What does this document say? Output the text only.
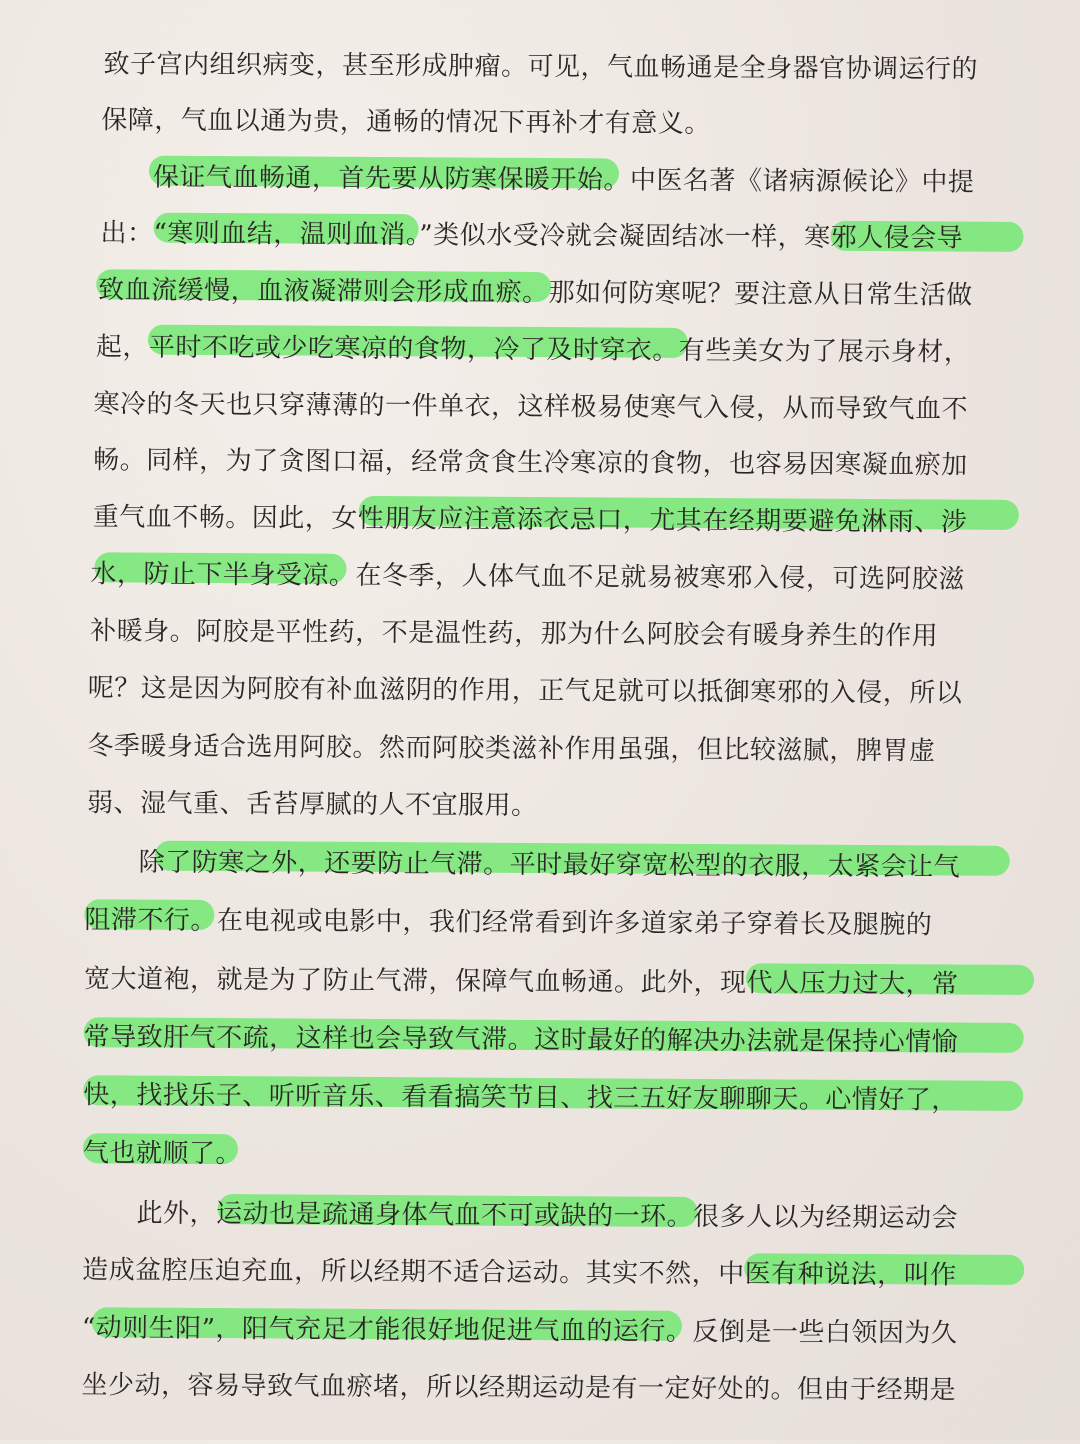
致子宫内组织病变，甚至形成肿瘤。可见，气血畅通是全身器官协调运行的
保障，气血以通为贵，通畅的情况下再补才有意义。
保证气血畅通，首先要从防寒保暖开始。中医名著《诸病源候论》中提
出：“寒则血结，温则血消。”类似水受冷就会凝固结冰一样，寒邪人侵会导
致血流缓慢，血液凝滞则会形成血瘀。那如何防寒呢？要注意从日常生活做
起，平时不吃或少吃寒凉的食物，冷了及时穿衣。有些美女为了展示身材，
寒冷的冬天也只穿薄薄的一件单衣，这样极易使寒气入侵，从而导致气血不
畅。同样，为了贪图口福，经常贪食生冷寒凉的食物，也容易因寒凝血瘀加
重气血不畅。因此，女性朋友应注意添衣忌口，尤其在经期要避免淋雨、涉
水，防止下半身受凉。在冬季，人体气血不足就易被寒邪入侵，可选阿胶滋
补暖身。阿胶是平性药，不是温性药，那为什么阿胶会有暖身养生的作用
呢？这是因为阿胶有补血滋阴的作用，正气足就可以抵御寒邪的入侵，所以
冬季暖身适合选用阿胶。然而阿胶类滋补作用虽强，但比较滋腻，脾胃虚
弱、湿气重、舌苔厚腻的人不宜服用。
除了防寒之外，还要防止气滞。平时最好穿宽松型的衣服，太紧会让气
阻滞不行。在电视或电影中，我们经常看到许多道家弟子穿着长及腿腕的
宽大道袍，就是为了防止气滞，保障气血畅通。此外，现代人压力过大，常
常导致肝气不疏，这样也会导致气滞。这时最好的解决办法就是保持心情愉
快，找找乐子、听听音乐、看看搞笑节目、找三五好友聊聊天。心情好了，
气也就顺了。
此外，运动也是疏通身体气血不可或缺的一环。很多人以为经期运动会
造成盆腔压迫充血，所以经期不适合运动。其实不然，中医有种说法，叫作
“动则生阳”，阳气充足才能很好地促进气血的运行。反倒是一些白领因为久
坐少动，容易导致气血瘀堵，所以经期运动是有一定好处的。但由于经期是
